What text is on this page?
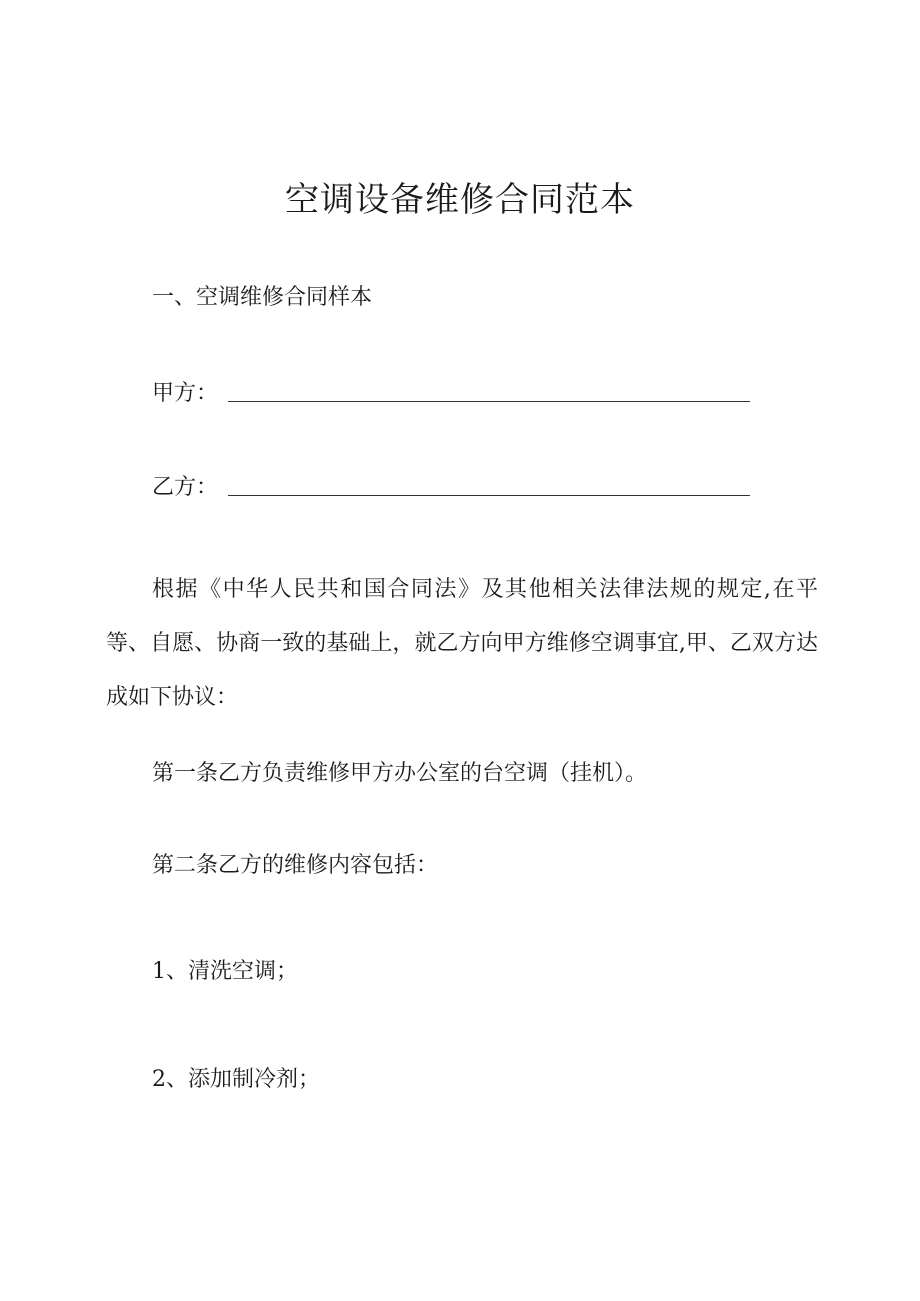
空调设备维修合同范本
一、空调维修合同样本
甲方：
乙方：

根据《中华人民共和国合同法》及其他相关法律法规的规定,在平等、自愿、协商一致的基础上，就乙方向甲方维修空调事宜,甲、乙双方达成如下协议：

第一条乙方负责维修甲方办公室的台空调（挂机）。
第二条乙方的维修内容包括：
1、清洗空调；
2、添加制冷剂；
